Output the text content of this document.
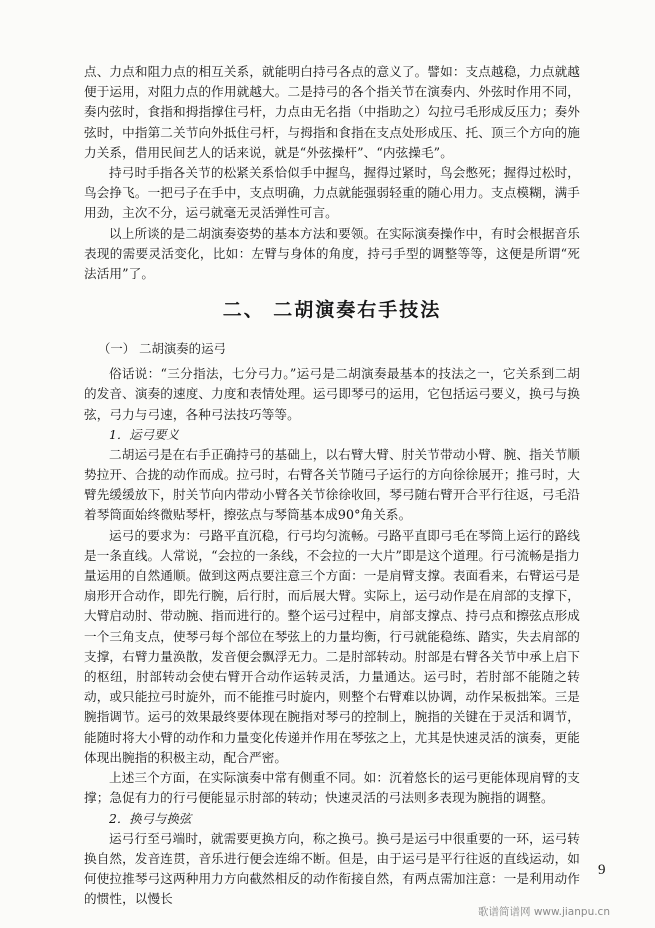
点、力点和阻力点的相互关系，就能明白持弓各点的意义了。譬如：支点越稳，力点就越便于运用，对阻力点的作用就越大。二是持弓的各个指关节在演奏内、外弦时作用不同，奏内弦时，食指和拇指撑住弓杆，力点由无名指（中指助之）勾拉弓毛形成反压力；奏外弦时，中指第二关节向外抵住弓杆，与拇指和食指在支点处形成压、托、顶三个方向的施力关系，借用民间艺人的话来说，就是“外弦操杆”、“内弦操毛”。

持弓时手指各关节的松紧关系恰似手中握鸟，握得过紧时，鸟会憋死；握得过松时，鸟会挣飞。一把弓子在手中，支点明确，力点就能强弱轻重的随心用力。支点模糊，满手用劲，主次不分，运弓就毫无灵活弹性可言。

以上所谈的是二胡演奏姿势的基本方法和要领。在实际演奏操作中，有时会根据音乐表现的需要灵活变化，比如：左臂与身体的角度，持弓手型的调整等等，这便是所谓“死法活用”了。

二、 二胡演奏右手技法
（一） 二胡演奏的运弓

俗话说：“三分指法，七分弓力。”运弓是二胡演奏最基本的技法之一，它关系到二胡的发音、演奏的速度、力度和表情处理。运弓即琴弓的运用，它包括运弓要义，换弓与换弦，弓力与弓速，各种弓法技巧等等。

1．运弓要义

二胡运弓是在右手正确持弓的基础上，以右臂大臂、肘关节带动小臂、腕、指关节顺势拉开、合拢的动作而成。拉弓时，右臂各关节随弓子运行的方向徐徐展开；推弓时，大臂先缓缓放下，肘关节向内带动小臂各关节徐徐收回，琴弓随右臂开合平行往返，弓毛沿着琴筒面始终微贴琴杆，擦弦点与琴筒基本成90°角关系。

运弓的要求为：弓路平直沉稳，行弓均匀流畅。弓路平直即弓毛在琴筒上运行的路线是一条直线。人常说，“会拉的一条线，不会拉的一大片”即是这个道理。行弓流畅是指力量运用的自然通顺。做到这两点要注意三个方面：一是肩臂支撑。表面看来，右臂运弓是扇形开合动作，即先行腕，后行肘，而后展大臂。实际上，运弓动作是在肩部的支撑下，大臂启动肘、带动腕、指而进行的。整个运弓过程中，肩部支撑点、持弓点和擦弦点形成一个三角支点，使琴弓每个部位在琴弦上的力量均衡，行弓就能稳练、踏实，失去肩部的支撑，右臂力量涣散，发音便会飘浮无力。二是肘部转动。肘部是右臂各关节中承上启下的枢纽，肘部转动会使右臂开合动作运转灵活，力量通达。运弓时，若肘部不能随之转动，或只能拉弓时旋外，而不能推弓时旋内，则整个右臂难以协调，动作呆板拙笨。三是腕指调节。运弓的效果最终要体现在腕指对琴弓的控制上，腕指的关键在于灵活和调节，能随时将大小臂的动作和力量变化传递并作用在琴弦之上，尤其是快速灵活的演奏，更能体现出腕指的积极主动，配合严密。

上述三个方面，在实际演奏中常有侧重不同。如：沉着悠长的运弓更能体现肩臂的支撑；急促有力的行弓便能显示肘部的转动；快速灵活的弓法则多表现为腕指的调整。

2．换弓与换弦

运弓行至弓端时，就需要更换方向，称之换弓。换弓是运弓中很重要的一环，运弓转换自然，发音连贯，音乐进行便会连绵不断。但是，由于运弓是平行往返的直线运动，如何使拉推琴弓这两种用力方向截然相反的动作衔接自然，有两点需加注意：一是利用动作的惯性，以慢长

9
歌谱简谱网 www.jianpu.cn
